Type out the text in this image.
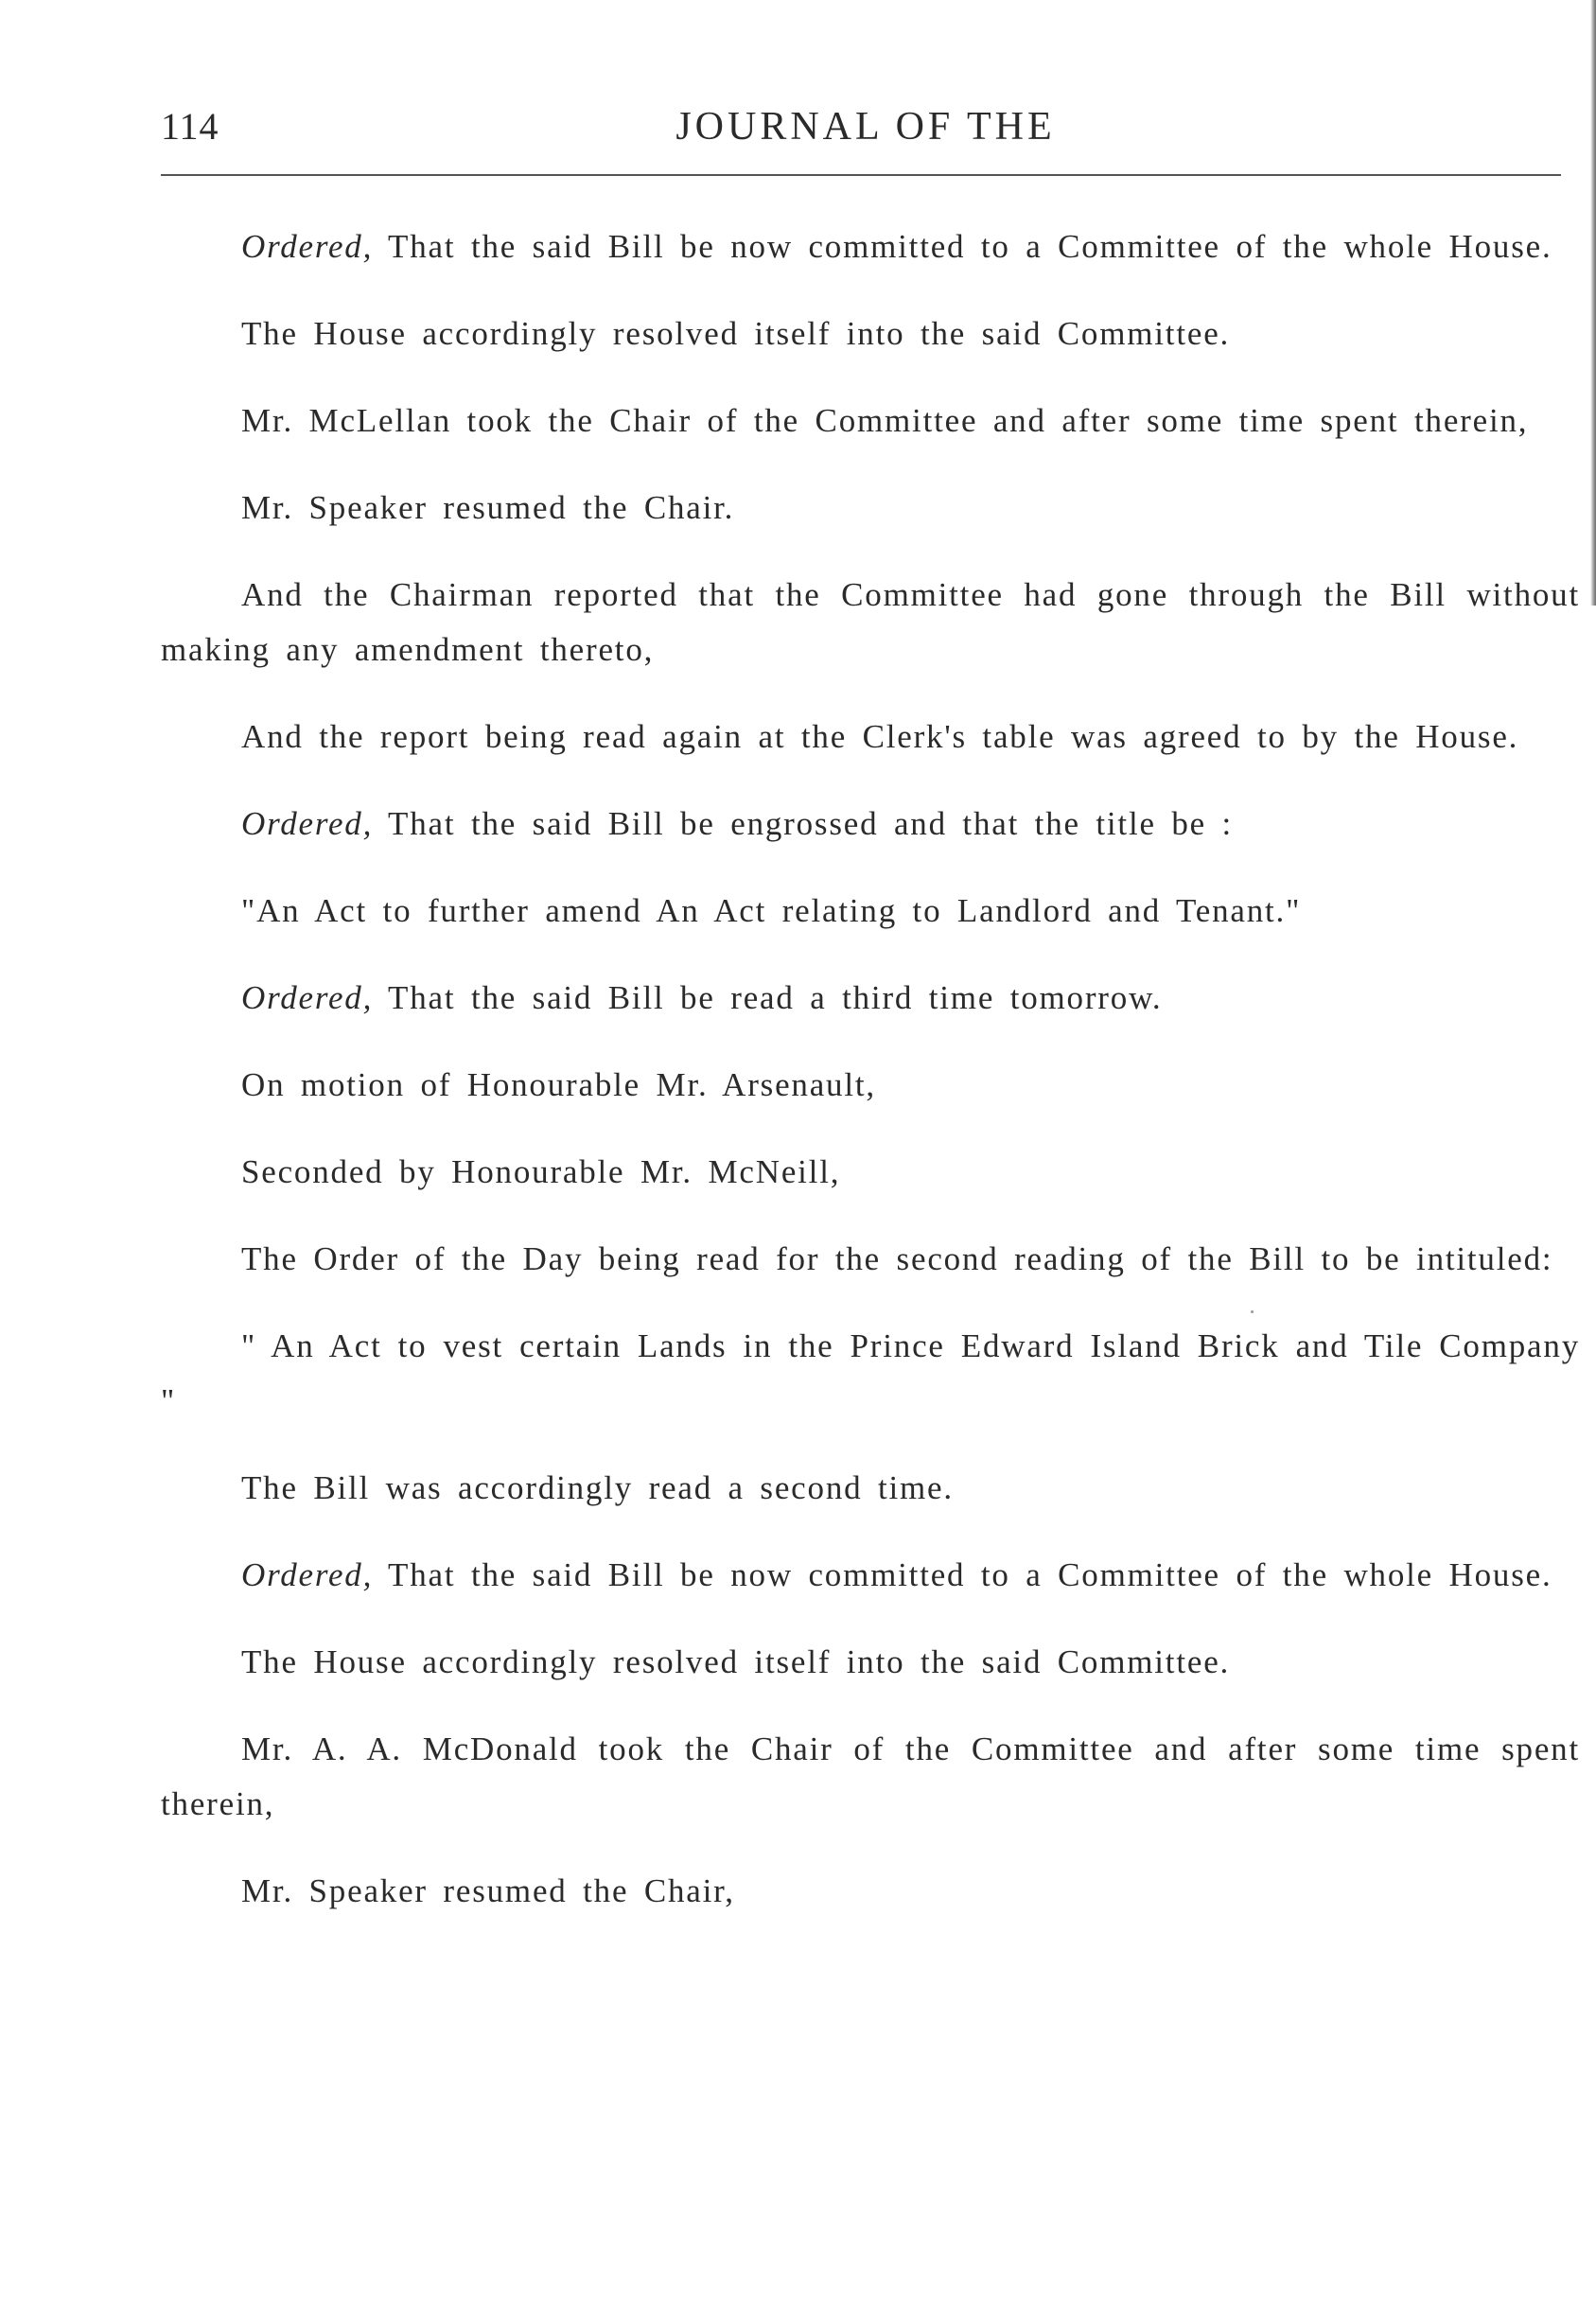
114	JOURNAL OF THE

Ordered, That the said Bill be now committed to a Committee of the whole House.

The House accordingly resolved itself into the said Committee.

Mr. McLellan took the Chair of the Committee and after some time spent therein,

Mr. Speaker resumed the Chair.

And the Chairman reported that the Committee had gone through the Bill without making any amendment thereto,

And the report being read again at the Clerk's table was agreed to by the House.

Ordered, That the said Bill be engrossed and that the title be :

"An Act to further amend An Act relating to Landlord and Tenant."

Ordered, That the said Bill be read a third time tomorrow.

On motion of Honourable Mr. Arsenault,

Seconded by Honourable Mr. McNeill,

The Order of the Day being read for the second reading of the Bill to be intituled:

" An Act to vest certain Lands in the Prince Edward Island Brick and Tile Company "

The Bill was accordingly read a second time.

Ordered, That the said Bill be now committed to a Committee of the whole House.

The House accordingly resolved itself into the said Committee.

Mr. A. A. McDonald took the Chair of the Committee and after some time spent therein,

Mr. Speaker resumed the Chair,
